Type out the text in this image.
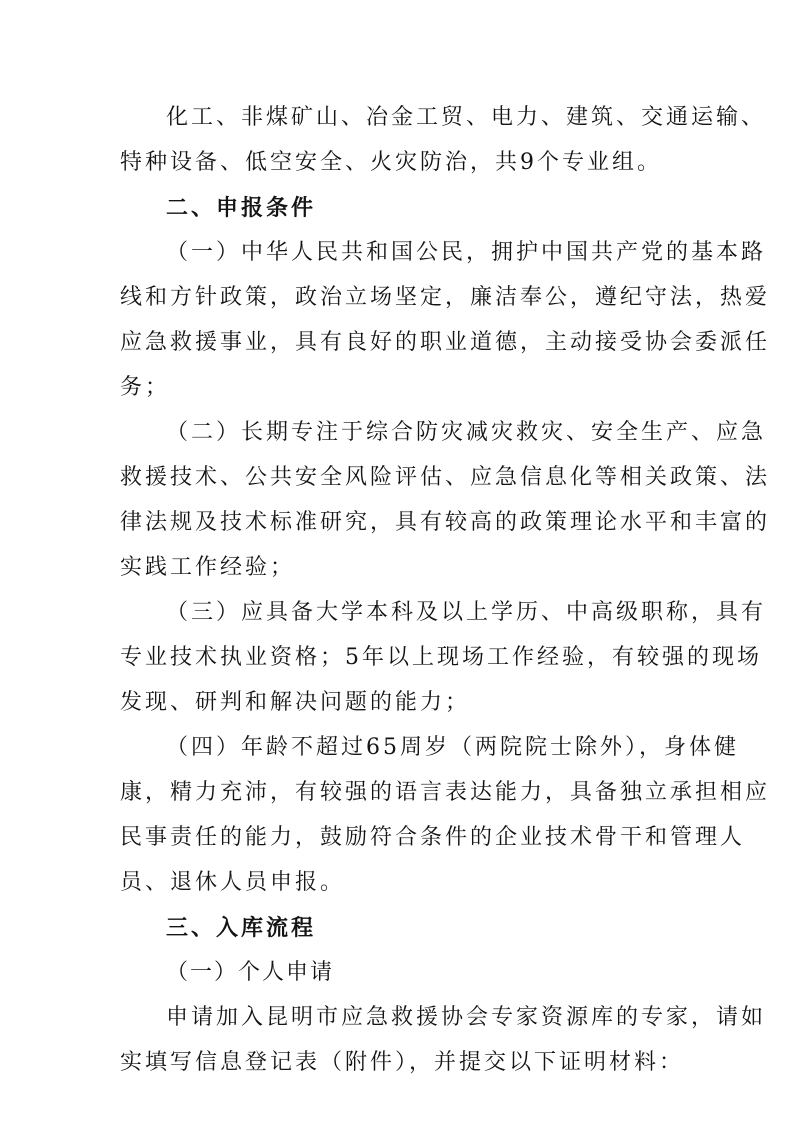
化工、非煤矿山、冶金工贸、电力、建筑、交通运输、
特种设备、低空安全、火灾防治，共9个专业组。
二、申报条件
（一）中华人民共和国公民，拥护中国共产党的基本路
线和方针政策，政治立场坚定，廉洁奉公，遵纪守法，热爱
应急救援事业，具有良好的职业道德，主动接受协会委派任
务；
（二）长期专注于综合防灾减灾救灾、安全生产、应急
救援技术、公共安全风险评估、应急信息化等相关政策、法
律法规及技术标准研究，具有较高的政策理论水平和丰富的
实践工作经验；
（三）应具备大学本科及以上学历、中高级职称，具有
专业技术执业资格；5年以上现场工作经验，有较强的现场
发现、研判和解决问题的能力；
（四）年龄不超过65周岁（两院院士除外），身体健
康，精力充沛，有较强的语言表达能力，具备独立承担相应
民事责任的能力，鼓励符合条件的企业技术骨干和管理人
员、退休人员申报。
三、入库流程
（一）个人申请
申请加入昆明市应急救援协会专家资源库的专家，请如
实填写信息登记表（附件），并提交以下证明材料：
